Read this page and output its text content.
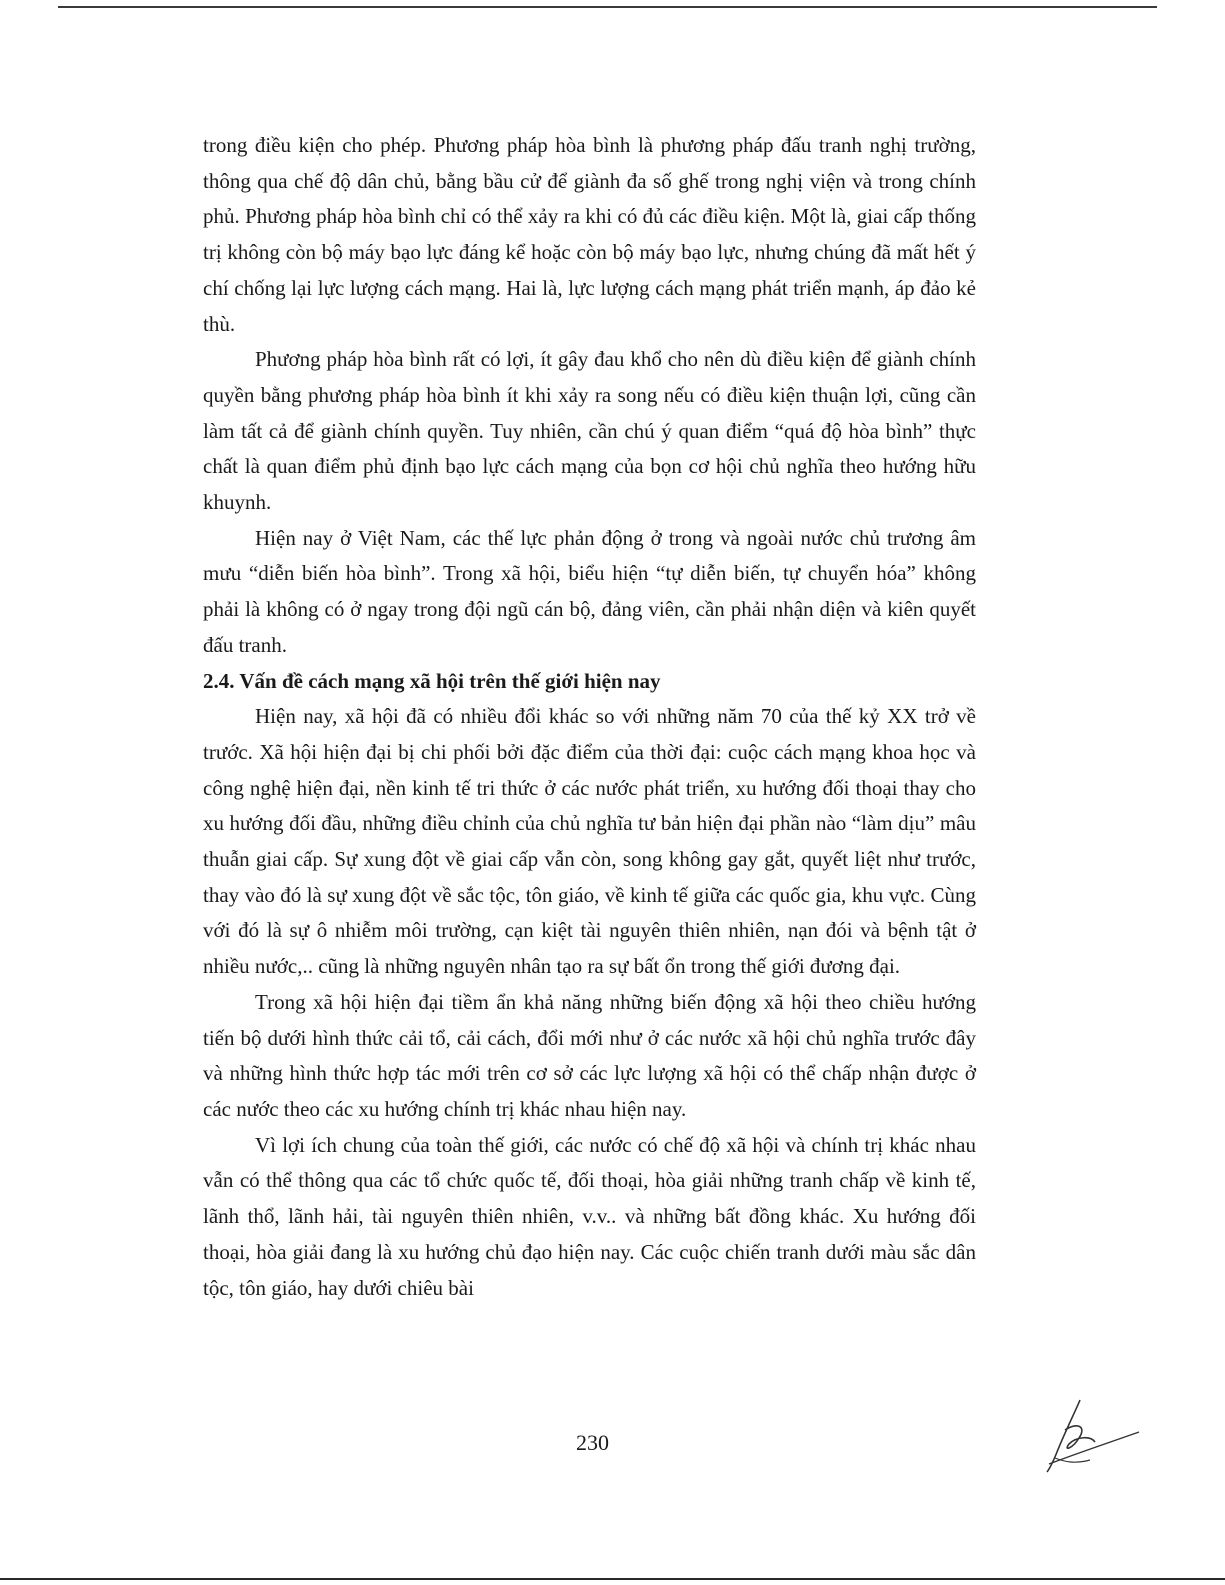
trong điều kiện cho phép. Phương pháp hòa bình là phương pháp đấu tranh nghị trường, thông qua chế độ dân chủ, bằng bầu cử để giành đa số ghế trong nghị viện và trong chính phủ. Phương pháp hòa bình chỉ có thể xảy ra khi có đủ các điều kiện. Một là, giai cấp thống trị không còn bộ máy bạo lực đáng kể hoặc còn bộ máy bạo lực, nhưng chúng đã mất hết ý chí chống lại lực lượng cách mạng. Hai là, lực lượng cách mạng phát triển mạnh, áp đảo kẻ thù.

Phương pháp hòa bình rất có lợi, ít gây đau khổ cho nên dù điều kiện để giành chính quyền bằng phương pháp hòa bình ít khi xảy ra song nếu có điều kiện thuận lợi, cũng cần làm tất cả để giành chính quyền. Tuy nhiên, cần chú ý quan điểm “quá độ hòa bình” thực chất là quan điểm phủ định bạo lực cách mạng của bọn cơ hội chủ nghĩa theo hướng hữu khuynh.

Hiện nay ở Việt Nam, các thế lực phản động ở trong và ngoài nước chủ trương âm mưu “diễn biến hòa bình”. Trong xã hội, biểu hiện “tự diễn biến, tự chuyển hóa” không phải là không có ở ngay trong đội ngũ cán bộ, đảng viên, cần phải nhận diện và kiên quyết đấu tranh.

2.4. Vấn đề cách mạng xã hội trên thế giới hiện nay

Hiện nay, xã hội đã có nhiều đổi khác so với những năm 70 của thế kỷ XX trở về trước. Xã hội hiện đại bị chi phối bởi đặc điểm của thời đại: cuộc cách mạng khoa học và công nghệ hiện đại, nền kinh tế tri thức ở các nước phát triển, xu hướng đối thoại thay cho xu hướng đối đầu, những điều chỉnh của chủ nghĩa tư bản hiện đại phần nào “làm dịu” mâu thuẫn giai cấp. Sự xung đột về giai cấp vẫn còn, song không gay gắt, quyết liệt như trước, thay vào đó là sự xung đột về sắc tộc, tôn giáo, về kinh tế giữa các quốc gia, khu vực. Cùng với đó là sự ô nhiễm môi trường, cạn kiệt tài nguyên thiên nhiên, nạn đói và bệnh tật ở nhiều nước,.. cũng là những nguyên nhân tạo ra sự bất ổn trong thế giới đương đại.

Trong xã hội hiện đại tiềm ẩn khả năng những biến động xã hội theo chiều hướng tiến bộ dưới hình thức cải tổ, cải cách, đổi mới như ở các nước xã hội chủ nghĩa trước đây và những hình thức hợp tác mới trên cơ sở các lực lượng xã hội có thể chấp nhận được ở các nước theo các xu hướng chính trị khác nhau hiện nay.

Vì lợi ích chung của toàn thế giới, các nước có chế độ xã hội và chính trị khác nhau vẫn có thể thông qua các tổ chức quốc tế, đối thoại, hòa giải những tranh chấp về kinh tế, lãnh thổ, lãnh hải, tài nguyên thiên nhiên, v.v.. và những bất đồng khác. Xu hướng đối thoại, hòa giải đang là xu hướng chủ đạo hiện nay. Các cuộc chiến tranh dưới màu sắc dân tộc, tôn giáo, hay dưới chiêu bài

230
